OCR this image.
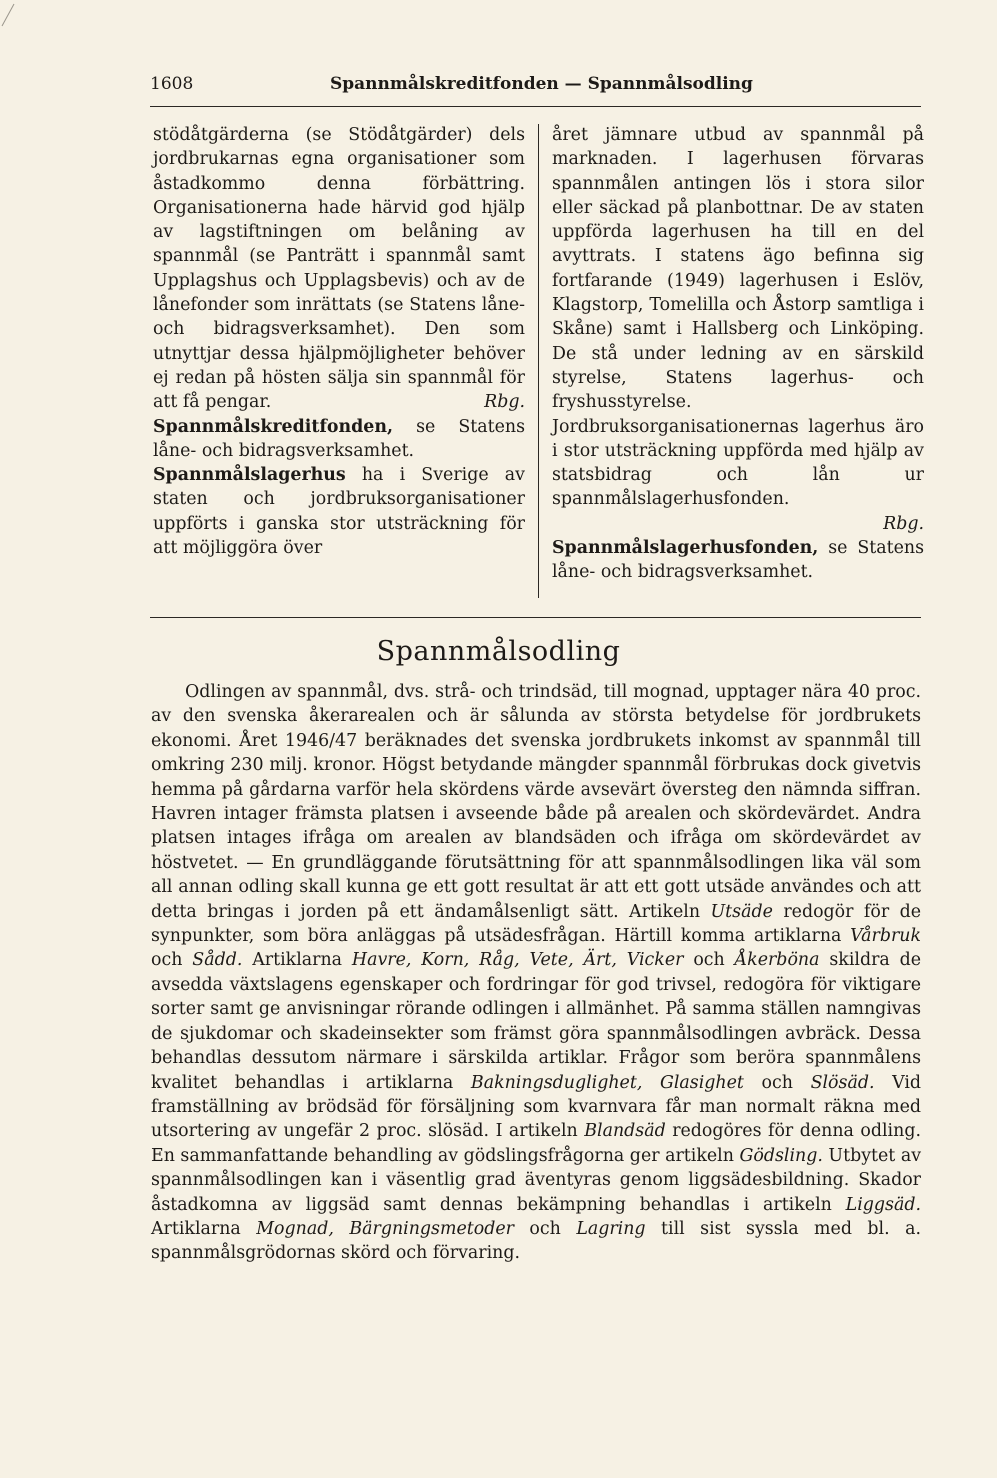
1608	Spannmålskreditfonden — Spannmålsodling

stödåtgärderna (se Stödåtgärder) dels jordbrukarnas egna organisationer som åstadkommo denna förbättring. Organisationerna hade härvid god hjälp av lagstiftningen om belåning av spannmål (se Panträtt i spannmål samt Upplagshus och Upplagsbevis) och av de lånefonder som inrättats (se Statens låne- och bidragsverksamhet). Den som utnyttjar dessa hjälpmöjligheter behöver ej redan på hösten sälja sin spannmål för att få pengar.	Rbg.

Spannmålskreditfonden, se Statens låne- och bidragsverksamhet.

Spannmålslagerhus ha i Sverige av staten och jordbruksorganisationer uppförts i ganska stor utsträckning för att möjliggöra över

året jämnare utbud av spannmål på marknaden. I lagerhusen förvaras spannmålen antingen lös i stora silor eller säckad på planbottnar. De av staten uppförda lagerhusen ha till en del avyttrats. I statens ägo befinna sig fortfarande (1949) lagerhusen i Eslöv, Klagstorp, Tomelilla och Åstorp samtliga i Skåne) samt i Hallsberg och Linköping. De stå under ledning av en särskild styrelse, Statens lagerhus- och fryshusstyrelse. Jordbruksorganisationernas lagerhus äro i stor utsträckning uppförda med hjälp av statsbidrag och lån ur spannmålslagerhusfonden.

Rbg.

Spannmålslagerhusfonden, se Statens låne- och bidragsverksamhet.

Spannmålsodling

Odlingen av spannmål, dvs. strå- och trindsäd, till mognad, upptager nära 40 proc. av den svenska åkerarealen och är sålunda av största betydelse för jordbrukets ekonomi. Året 1946/47 beräknades det svenska jordbrukets inkomst av spannmål till omkring 230 milj. kronor. Högst betydande mängder spannmål förbrukas dock givetvis hemma på gårdarna varför hela skördens värde avsevärt översteg den nämnda siffran. Havren intager främsta platsen i avseende både på arealen och skördevärdet. Andra platsen intages ifråga om arealen av blandsäden och ifråga om skördevärdet av höstvetet. — En grundläggande förutsättning för att spannmålsodlingen lika väl som all annan odling skall kunna ge ett gott resultat är att ett gott utsäde användes och att detta bringas i jorden på ett ändamålsenligt sätt. Artikeln Utsäde redogör för de synpunkter, som böra anläggas på utsädesfrågan. Härtill komma artiklarna Vårbruk och Sådd. Artiklarna Havre, Korn, Råg, Vete, Ärt, Vicker och Åkerböna skildra de avsedda växtslagens egenskaper och fordringar för god trivsel, redogöra för viktigare sorter samt ge anvisningar rörande odlingen i allmänhet. På samma ställen namngivas de sjukdomar och skadeinsekter som främst göra spannmålsodlingen avbräck. Dessa behandlas dessutom närmare i särskilda artiklar. Frågor som beröra spannmålens kvalitet behandlas i artiklarna Bakningsduglighet, Glasighet och Slösäd. Vid framställning av brödsäd för försäljning som kvarnvara får man normalt räkna med utsortering av ungefär 2 proc. slösäd. I artikeln Blandsäd redogöres för denna odling. En sammanfattande behandling av gödslingsfrågorna ger artikeln Gödsling. Utbytet av spannmålsodlingen kan i väsentlig grad äventyras genom liggsädesbildning. Skador åstadkomna av liggsäd samt dennas bekämpning behandlas i artikeln Liggsäd. Artiklarna Mognad, Bärgningsmetoder och Lagring till sist syssla med bl. a. spannmålsgrödornas skörd och förvaring.
